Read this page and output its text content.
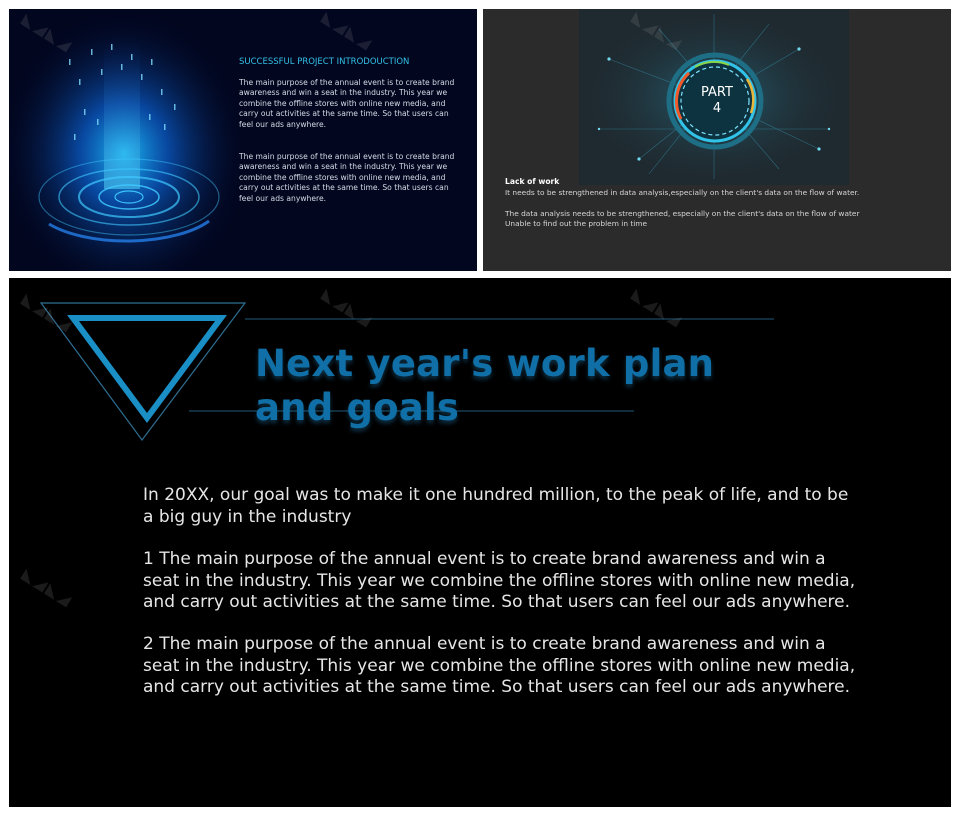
SUCCESSFUL PROJECT INTRODOUCTION
The main purpose of the annual event is to create brand awareness and win a seat in the industry. This year we combine the offline stores with online new media, and carry out activities at the same time. So that users can feel our ads anywhere.
The main purpose of the annual event is to create brand awareness and win a seat in the industry. This year we combine the offline stores with online new media, and carry out activities at the same time. So that users can feel our ads anywhere.
PART
4
Lack of work
It needs to be strengthened in data analysis,especially on the client's data on the flow of water.
The data analysis needs to be strengthened, especially on the client's data on the flow of water
Unable to find out the problem in time
Next year's work plan and goals
In 20XX, our goal was to make it one hundred million, to the peak of life, and to be a big guy in the industry
1 The main purpose of the annual event is to create brand awareness and win a seat in the industry. This year we combine the offline stores with online new media, and carry out activities at the same time. So that users can feel our ads anywhere.
2 The main purpose of the annual event is to create brand awareness and win a seat in the industry. This year we combine the offline stores with online new media, and carry out activities at the same time. So that users can feel our ads anywhere.
